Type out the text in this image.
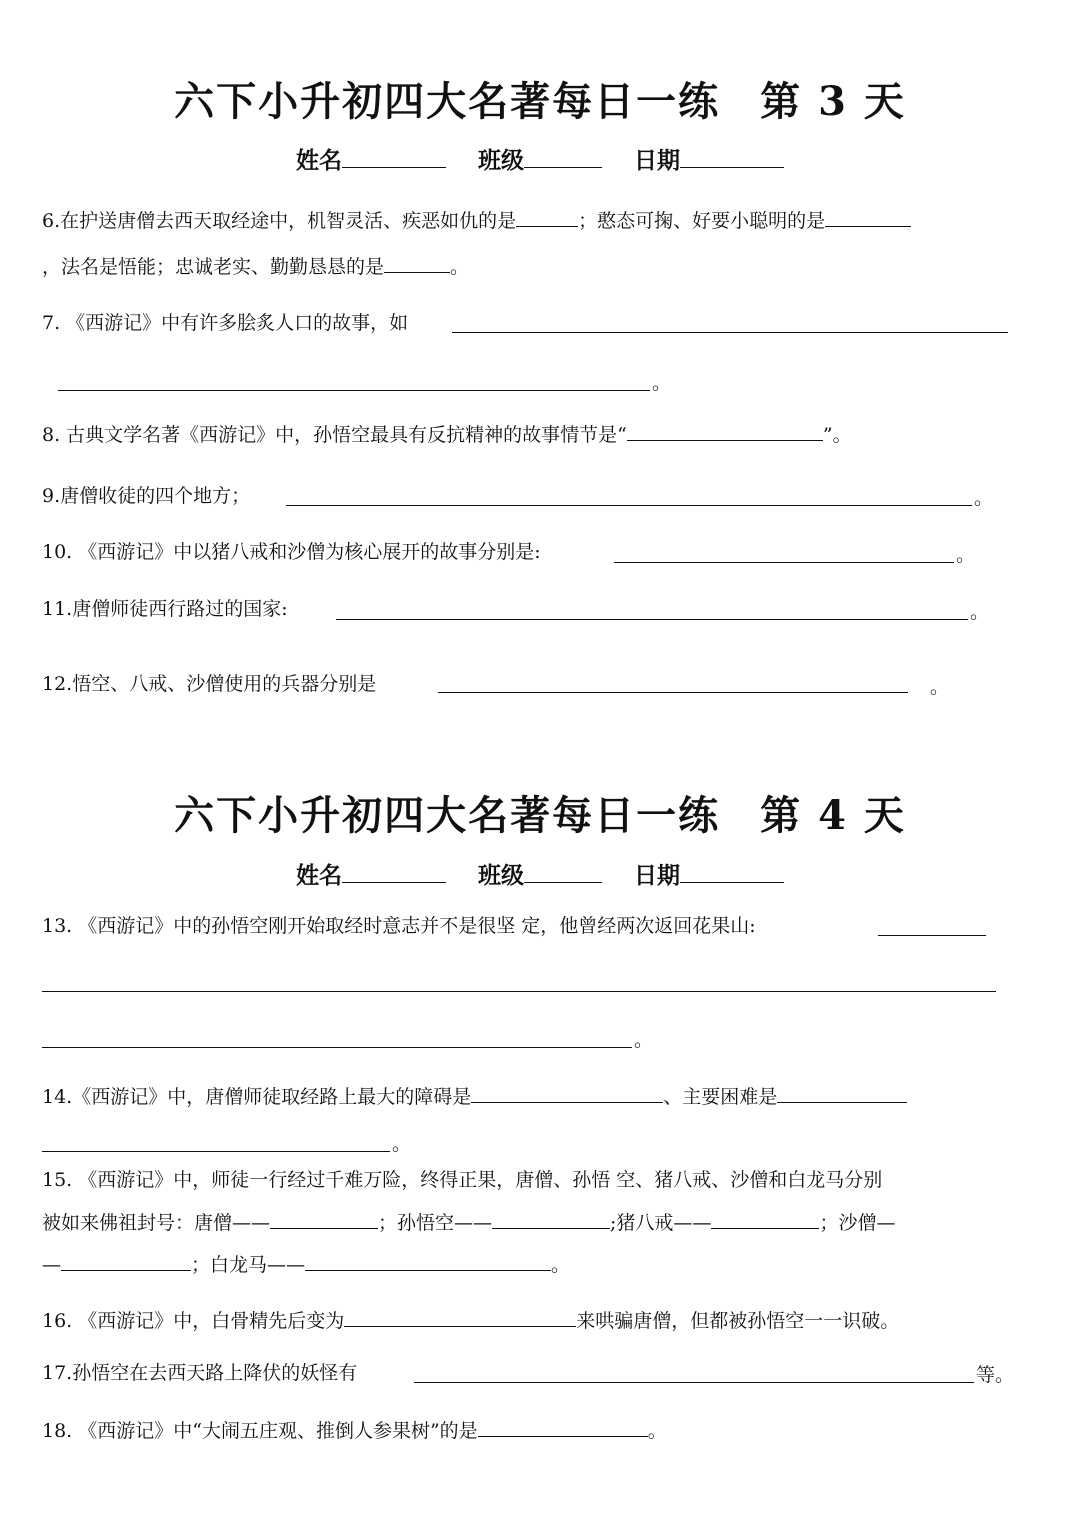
六下小升初四大名著每日一练 第 3 天
姓名	班级	日期
6.在护送唐僧去西天取经途中，机智灵活、疾恶如仇的是	；憨态可掬、好要小聪明的是
，法名是悟能；忠诚老实、勤勤恳恳的是	。
7. 《西游记》中有许多脍炙人口的故事，如
。
8. 古典文学名著《西游记》中，孙悟空最具有反抗精神的故事情节是“	”。
9.唐僧收徒的四个地方；	。
10. 《西游记》中以猪八戒和沙僧为核心展开的故事分别是:	。
11.唐僧师徒西行路过的国家:	。
12.悟空、八戒、沙僧使用的兵器分别是	。
六下小升初四大名著每日一练 第 4 天
姓名	班级	日期
13. 《西游记》中的孙悟空刚开始取经时意志并不是很坚 定，他曾经两次返回花果山:
。
14.《西游记》中，唐僧师徒取经路上最大的障碍是	、主要困难是
。
15. 《西游记》中，师徒一行经过千难万险，终得正果，唐僧、孙悟 空、猪八戒、沙僧和白龙马分别
被如来佛祖封号：唐僧——	；孙悟空——	;猪八戒——	；沙僧—
—	；白龙马——	。
16. 《西游记》中，白骨精先后变为	来哄骗唐僧，但都被孙悟空一一识破。
17.孙悟空在去西天路上降伏的妖怪有	等。
18. 《西游记》中“大闹五庄观、推倒人参果树”的是	。
